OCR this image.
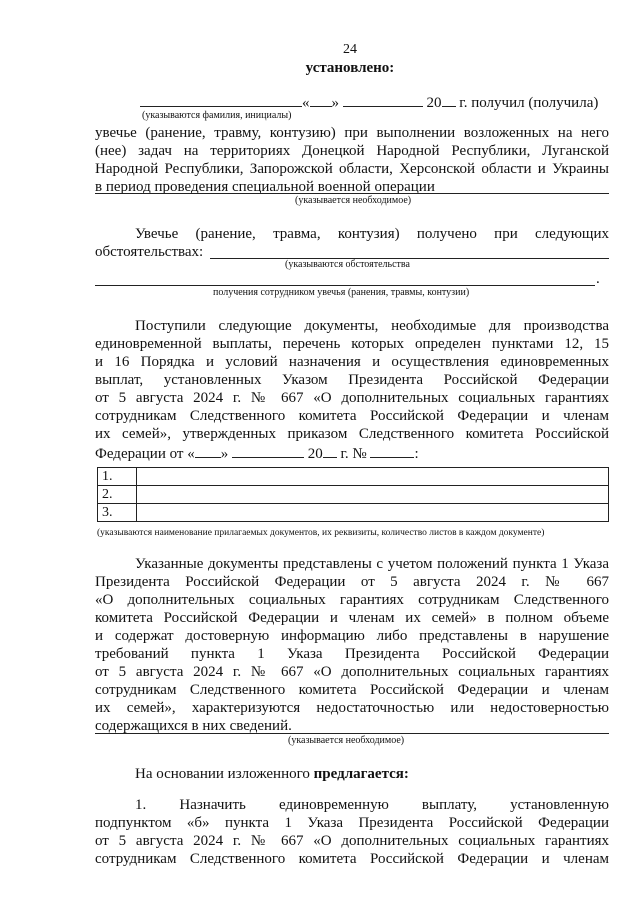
24
установлено:
« »	20 г. получил (получила)
(указываются фамилия, инициалы)
увечье (ранение, травму, контузию) при выполнении возложенных на него
(нее) задач на территориях Донецкой Народной Республики, Луганской
Народной Республики, Запорожской области, Херсонской области и Украины
в период проведения специальной военной операции
(указывается необходимое)
Увечье (ранение, травма, контузия) получено при следующих
обстоятельствах:
(указываются обстоятельства
.
получения сотрудником увечья (ранения, травмы, контузии)
Поступили следующие документы, необходимые для производства
единовременной выплаты, перечень которых определен пунктами 12, 15
и 16 Порядка и условий назначения и осуществления единовременных
выплат, установленных Указом Президента Российской Федерации
от 5 августа 2024 г. № 667 «О дополнительных социальных гарантиях
сотрудникам Следственного комитета Российской Федерации и членам
их семей», утвержденных приказом Следственного комитета Российской
Федерации от « »	20 г. №	:
1.	
2.	
3.	
(указываются наименование прилагаемых документов, их реквизиты, количество листов в каждом документе)
Указанные документы представлены с учетом положений пункта 1 Указа
Президента Российской Федерации от 5 августа 2024 г. № 667
«О дополнительных социальных гарантиях сотрудникам Следственного
комитета Российской Федерации и членам их семей» в полном объеме
и содержат достоверную информацию либо представлены в нарушение
требований пункта 1 Указа Президента Российской Федерации
от 5 августа 2024 г. № 667 «О дополнительных социальных гарантиях
сотрудникам Следственного комитета Российской Федерации и членам
их семей», характеризуются недостаточностью или недостоверностью
содержащихся в них сведений.
(указывается необходимое)
На основании изложенного предлагается:
1. Назначить единовременную выплату, установленную
подпунктом «б» пункта 1 Указа Президента Российской Федерации
от 5 августа 2024 г. № 667 «О дополнительных социальных гарантиях
сотрудникам Следственного комитета Российской Федерации и членам
